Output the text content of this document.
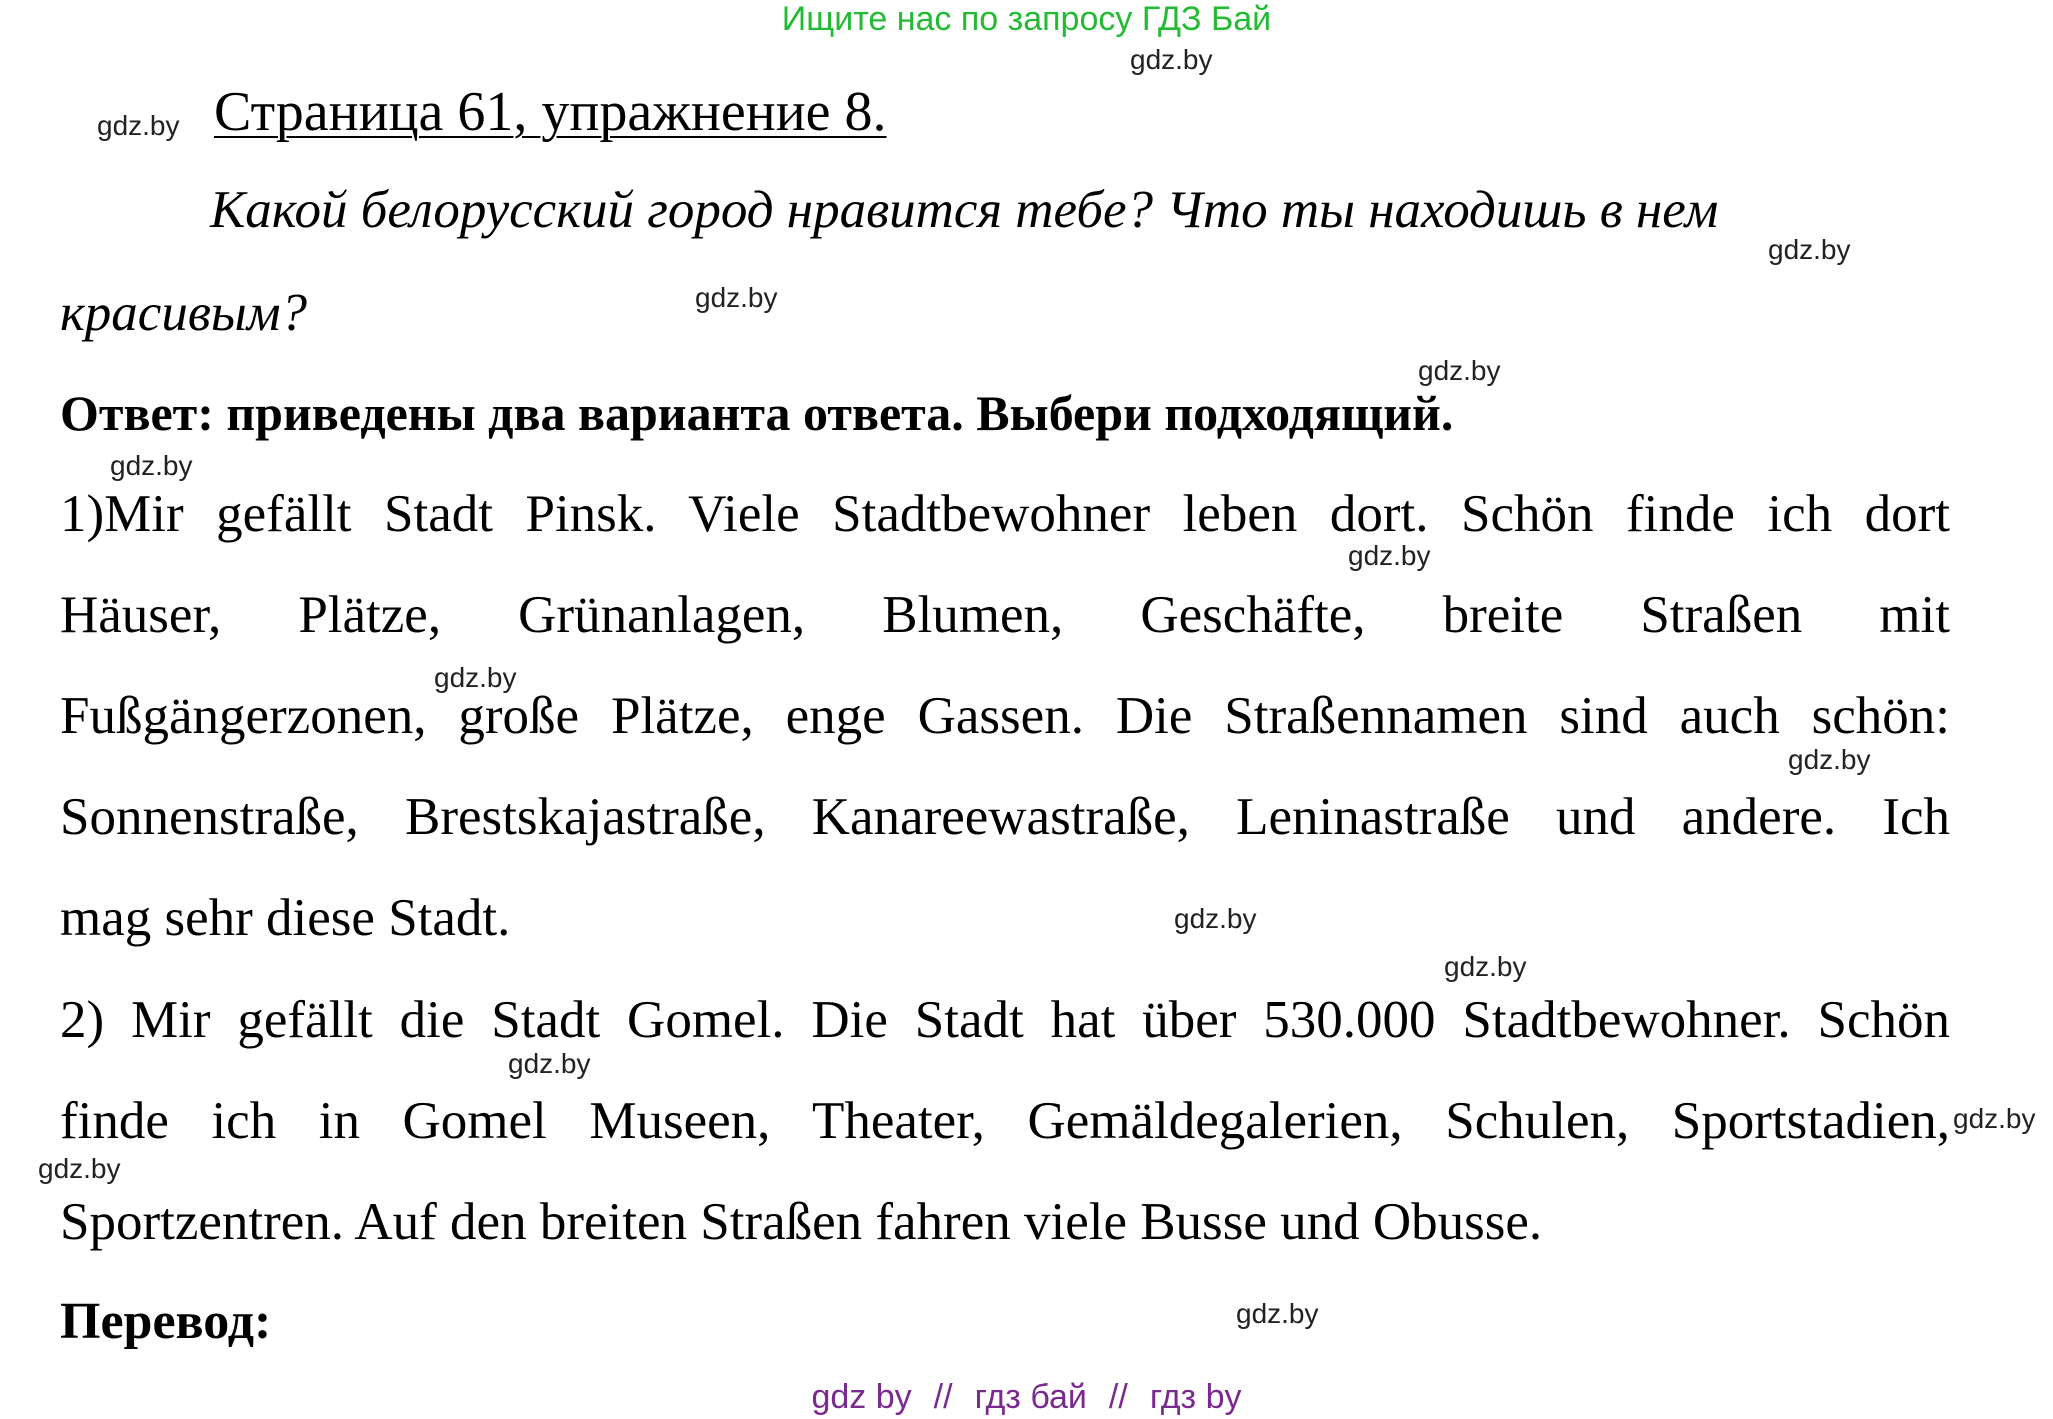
Ищите нас по запросу ГДЗ Бай
Страница 61, упражнение 8.
Какой белорусский город нравится тебе? Что ты находишь в нем
красивым?
Ответ: приведены два варианта ответа. Выбери подходящий.
1)Mir gefällt Stadt Pinsk. Viele Stadtbewohner leben dort. Schön finde ich dort
Häuser, Plätze, Grünanlagen, Blumen, Geschäfte, breite Straßen mit
Fußgängerzonen, große Plätze, enge Gassen. Die Straßennamen sind auch schön:
Sonnenstraße, Brestskajastraße, Kanareewastraße, Leninastraße und andere. Ich
mag sehr diese Stadt.
2) Mir gefällt die Stadt Gomel. Die Stadt hat über 530.000 Stadtbewohner. Schön
finde ich in Gomel Museen, Theater, Gemäldegalerien, Schulen, Sportstadien,
Sportzentren. Auf den breiten Straßen fahren viele Busse und Obusse.
Перевод:
gdz.by
gdz.by
gdz.by
gdz.by
gdz.by
gdz.by
gdz.by
gdz.by
gdz.by
gdz.by
gdz.by
gdz.by
gdz.by
gdz.by
gdz.by
gdz by // гдз бай // гдз by
